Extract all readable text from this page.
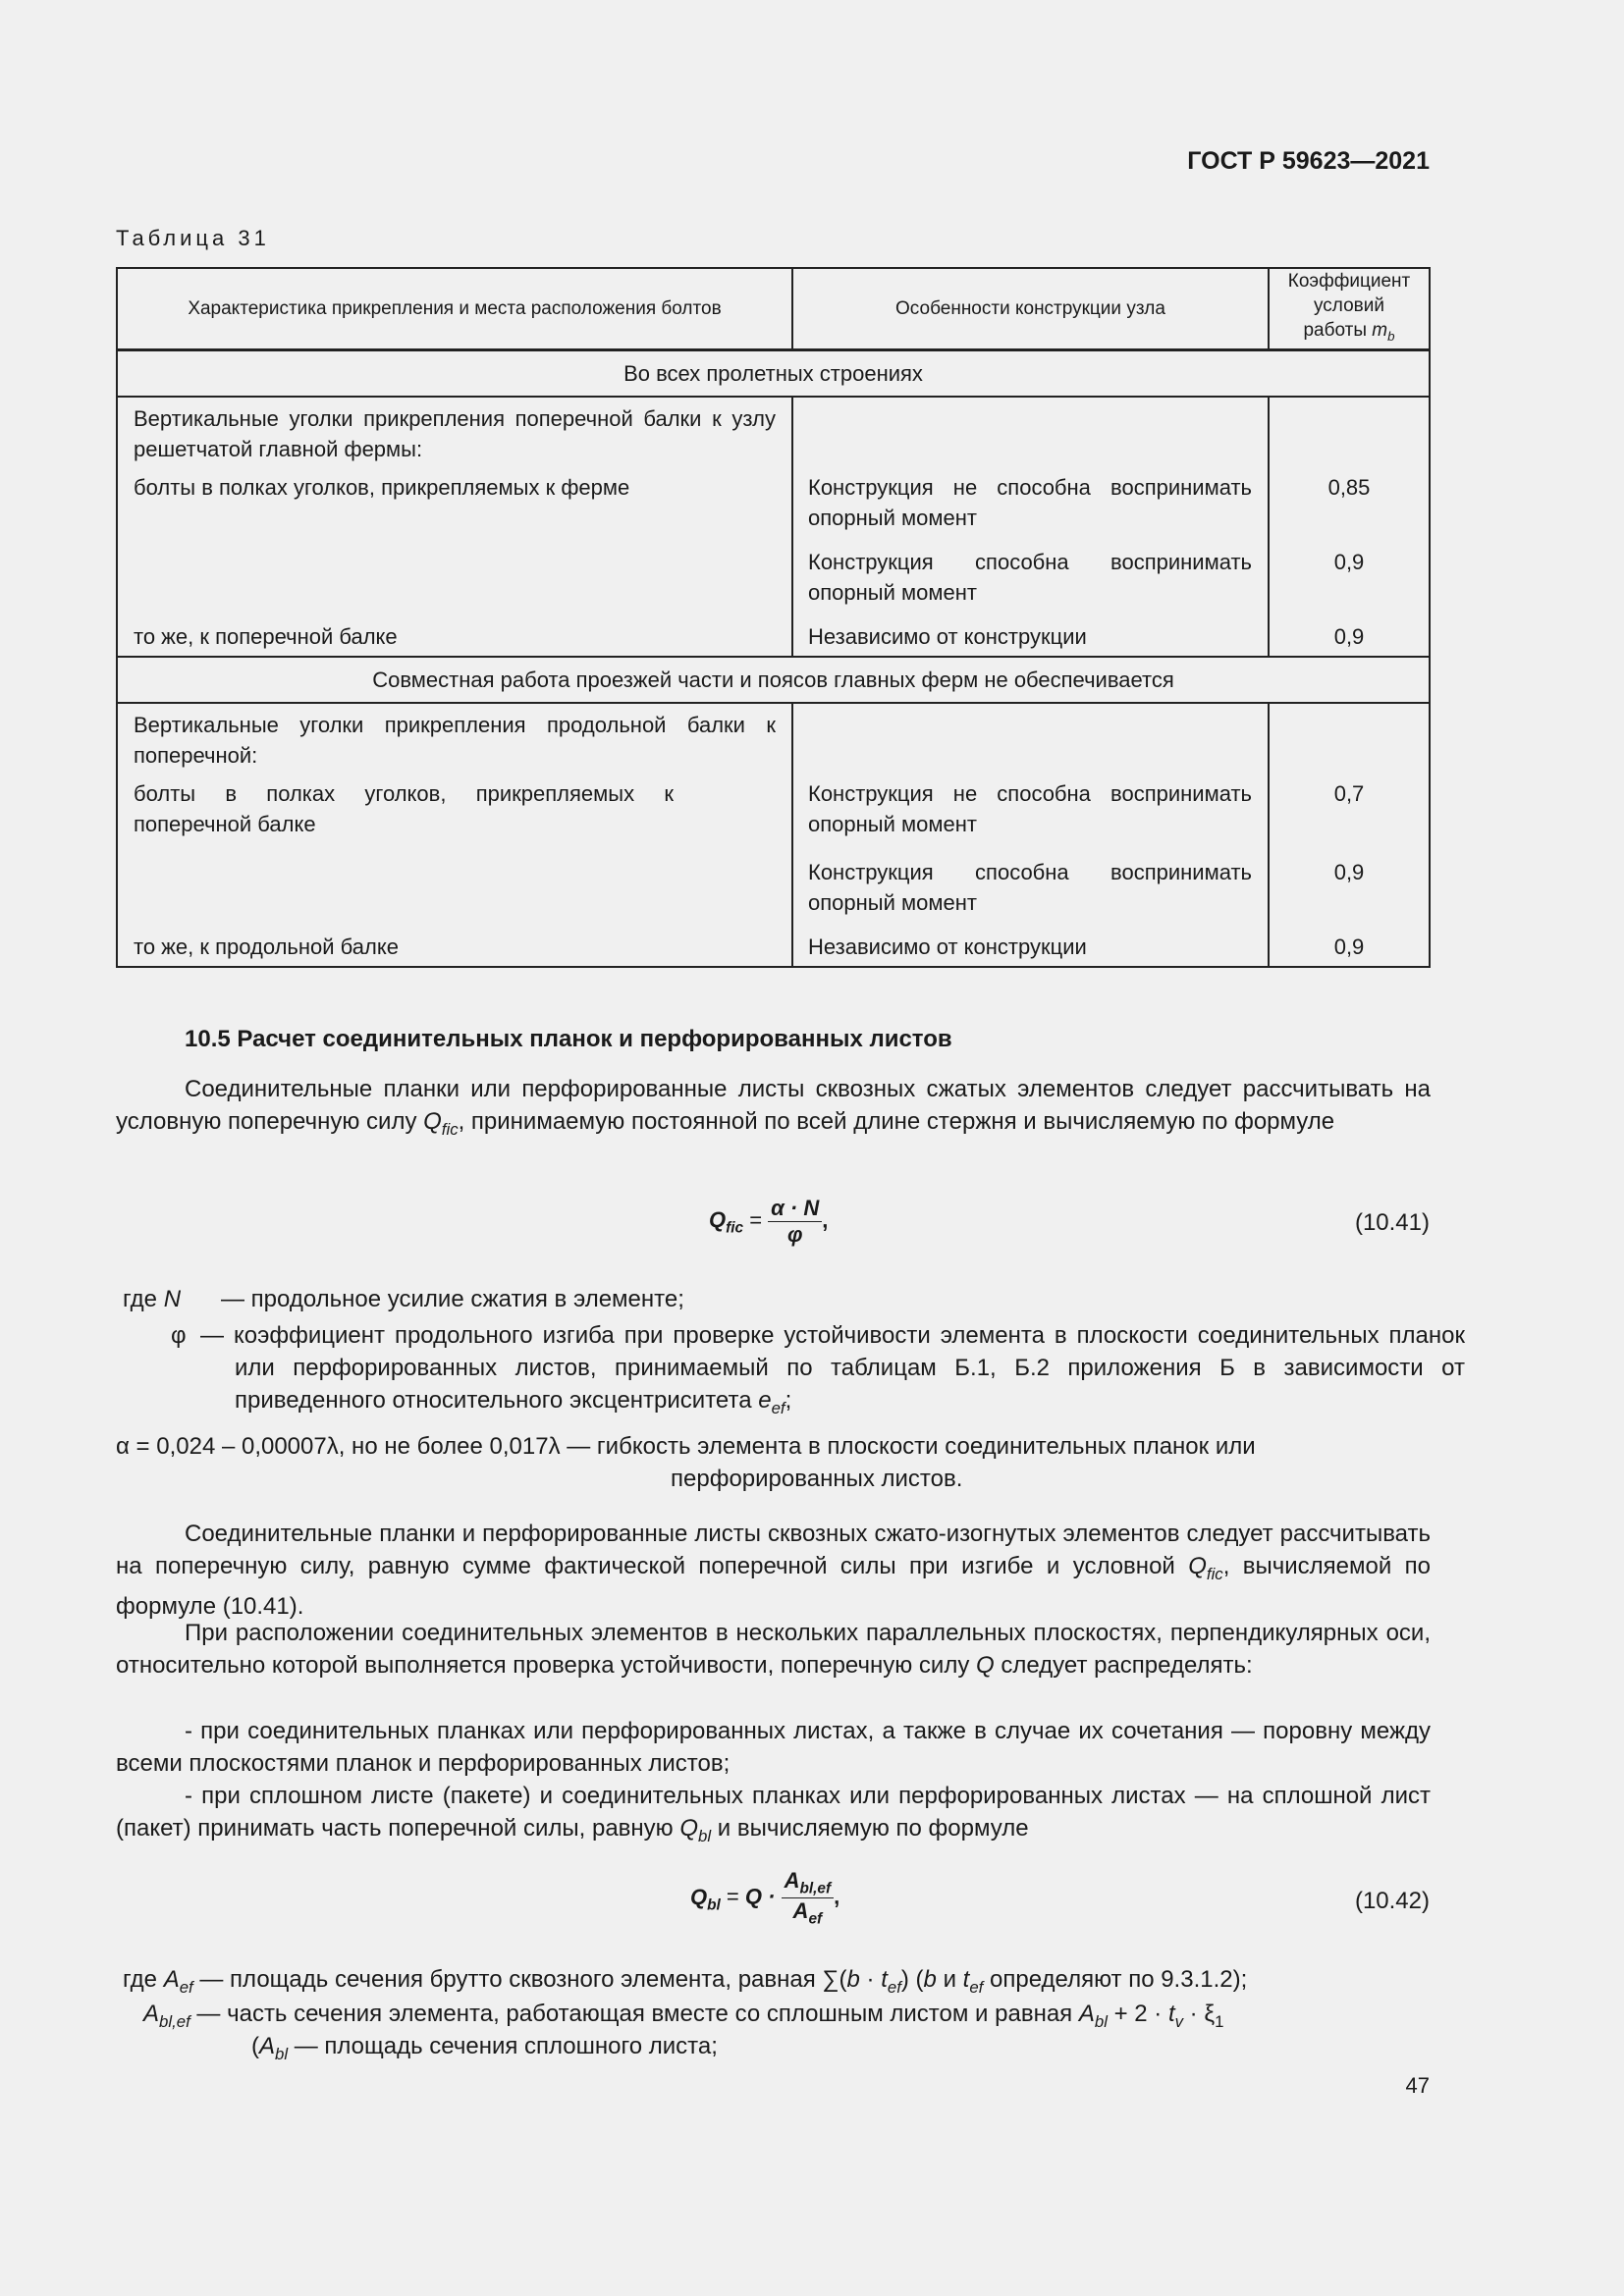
ГОСТ Р 59623—2021
Таблица 31
Характеристика прикрепления и места расположения болтов	Особенности конструкции узла	Коэффициент условий работы $m_b$
Во всех пролетных строениях		
Вертикальные уголки прикрепления поперечной балки к узлу решетчатой главной фермы:		
болты в полках уголков, прикрепляемых к ферме	Конструкция не способна воспринимать опорный момент	0,85
	Конструкция способна воспринимать опорный момент	0,9
то же, к поперечной балке	Независимо от конструкции	0,9
Совместная работа проезжей части и поясов главных ферм не обеспечивается		
Вертикальные уголки прикрепления продольной балки к поперечной:		
болты в полках уголков, прикрепляемых к поперечной балке	Конструкция не способна воспринимать опорный момент	0,7
	Конструкция способна воспринимать опорный момент	0,9
то же, к продольной балке	Независимо от конструкции	0,9
10.5 Расчет соединительных планок и перфорированных листов
Соединительные планки или перфорированные листы сквозных сжатых элементов следует рассчитывать на условную поперечную силу $Q_{fic}$, принимаемую постоянной по всей длине стержня и вычисляемую по формуле
$Q_{fic} = \frac{\alpha \cdot N}{\varphi}$ ,	(10.41)
где N — продольное усилие сжатия в элементе;
φ — коэффициент продольного изгиба при проверке устойчивости элемента в плоскости соединительных планок или перфорированных листов, принимаемый по таблицам Б.1, Б.2 приложения Б в зависимости от приведенного относительного эксцентриситета $e_{ef}$;
α = 0,024 – 0,00007λ, но не более 0,017λ — гибкость элемента в плоскости соединительных планок или
перфорированных листов.
Соединительные планки и перфорированные листы сквозных сжато-изогнутых элементов следует рассчитывать на поперечную силу, равную сумме фактической поперечной силы при изгибе и условной $Q_{fic}$, вычисляемой по формуле (10.41).
При расположении соединительных элементов в нескольких параллельных плоскостях, перпендикулярных оси, относительно которой выполняется проверка устойчивости, поперечную силу Q следует распределять:
- при соединительных планках или перфорированных листах, а также в случае их сочетания — поровну между всеми плоскостями планок и перфорированных листов;
- при сплошном листе (пакете) и соединительных планках или перфорированных листах — на сплошной лист (пакет) принимать часть поперечной силы, равную $Q_{bl}$ и вычисляемую по формуле
$Q_{bl} = Q \cdot \frac{A_{bl,ef}}{A_{ef}}$ ,	(10.42)
где $A_{ef}$ — площадь сечения брутто сквозного элемента, равная $\sum(b \cdot t_{ef})$ (b и $t_{ef}$ определяют по 9.3.1.2);
$A_{bl,ef}$ — часть сечения элемента, работающая вместе со сплошным листом и равная $A_{bl} + 2 \cdot t_v \cdot \xi_1$
($A_{bl}$ — площадь сечения сплошного листа;
47
